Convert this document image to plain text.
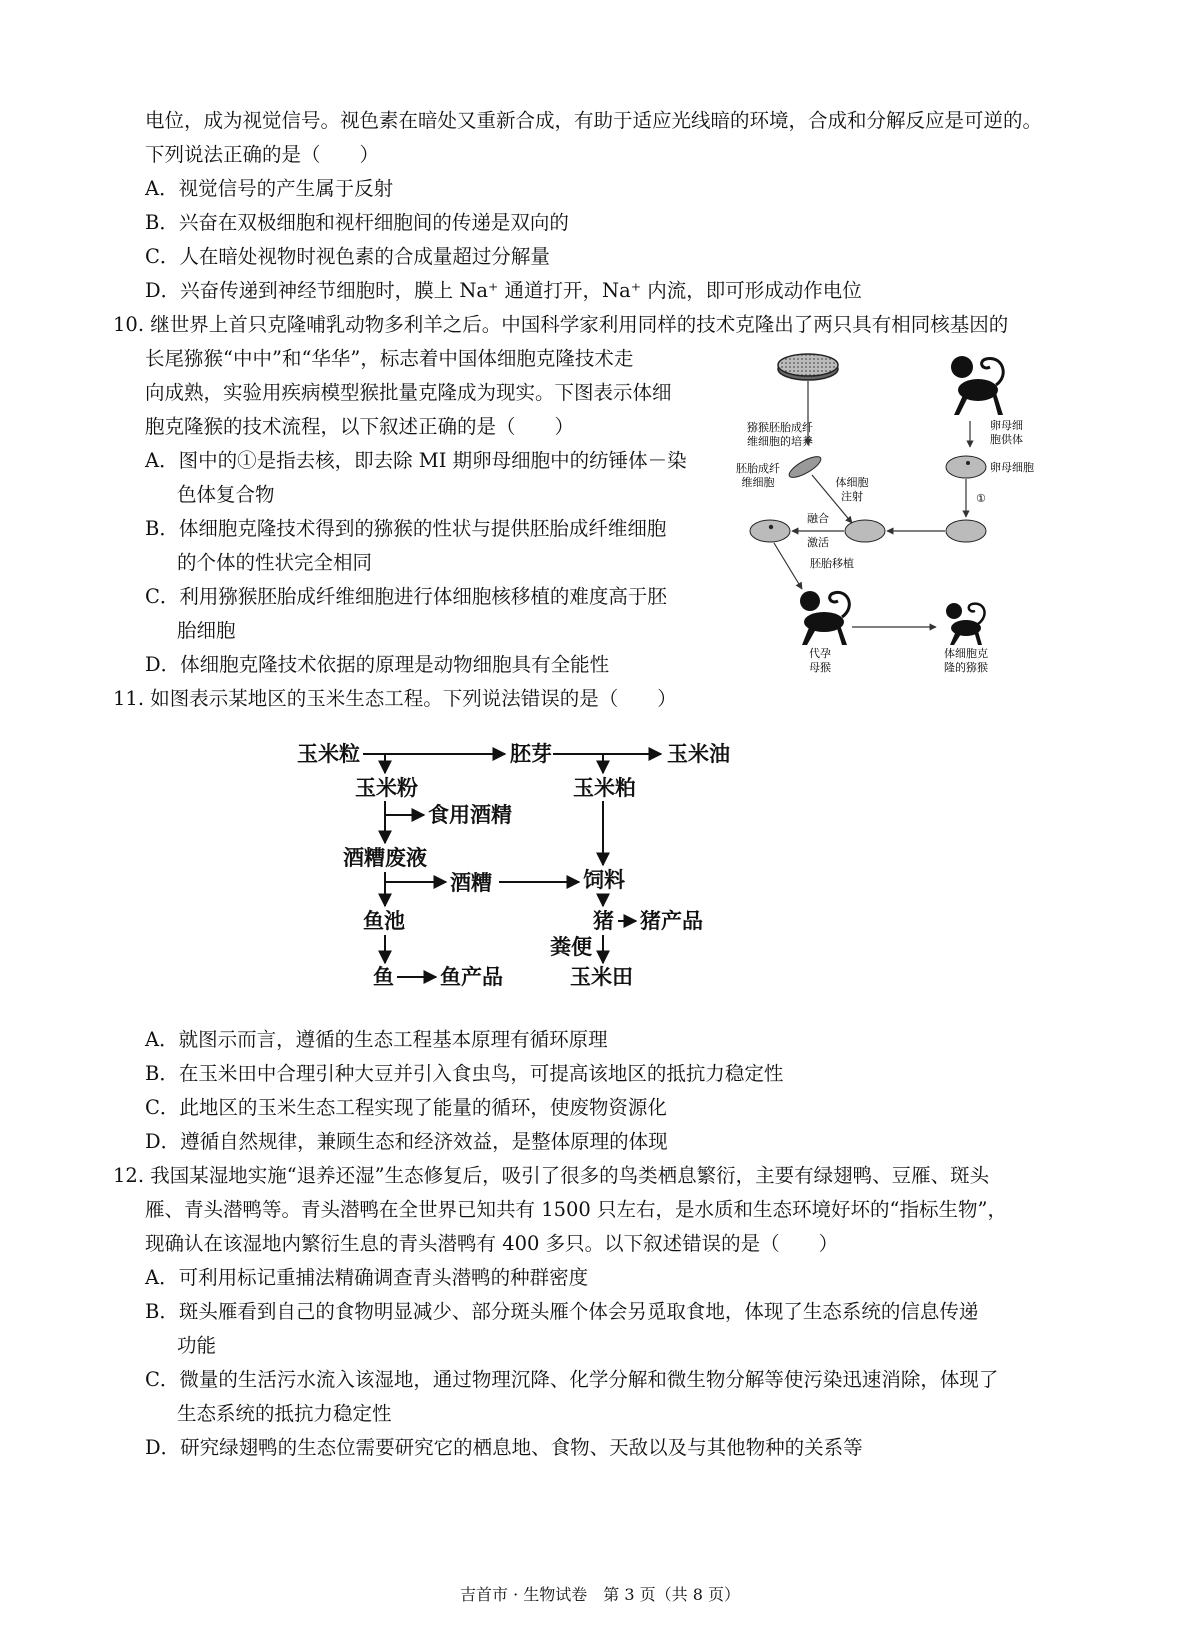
电位，成为视觉信号。视色素在暗处又重新合成，有助于适应光线暗的环境，合成和分解反应是可逆的。
下列说法正确的是（　　）
A．视觉信号的产生属于反射
B．兴奋在双极细胞和视杆细胞间的传递是双向的
C．人在暗处视物时视色素的合成量超过分解量
D．兴奋传递到神经节细胞时，膜上 Na⁺ 通道打开，Na⁺ 内流，即可形成动作电位
10. 继世界上首只克隆哺乳动物多利羊之后。中国科学家利用同样的技术克隆出了两只具有相同核基因的
长尾猕猴“中中”和“华华”，标志着中国体细胞克隆技术走
向成熟，实验用疾病模型猴批量克隆成为现实。下图表示体细
胞克隆猴的技术流程，以下叙述正确的是（　　）
A．图中的①是指去核，即去除 MI 期卵母细胞中的纺锤体－染
色体复合物
B．体细胞克隆技术得到的猕猴的性状与提供胚胎成纤维细胞
的个体的性状完全相同
C．利用猕猴胚胎成纤维细胞进行体细胞核移植的难度高于胚
胎细胞
D．体细胞克隆技术依据的原理是动物细胞具有全能性
猕猴胚胎成纤
维细胞的培养
胚胎成纤
维细胞	体细胞
注射
卵母细
胞供体
卵母细胞
①
融合
激活
胚胎移植
代孕
母猴
体细胞克
隆的猕猴
11. 如图表示某地区的玉米生态工程。下列说法错误的是（　　）
玉米粒	胚芽	玉米油
玉米粉	玉米粕
食用酒精
酒糟废液
酒糟	饲料
鱼池	猪 猪产品
粪便
鱼 鱼产品	玉米田
A．就图示而言，遵循的生态工程基本原理有循环原理
B．在玉米田中合理引种大豆并引入食虫鸟，可提高该地区的抵抗力稳定性
C．此地区的玉米生态工程实现了能量的循环，使废物资源化
D．遵循自然规律，兼顾生态和经济效益，是整体原理的体现
12. 我国某湿地实施“退养还湿”生态修复后，吸引了很多的鸟类栖息繁衍，主要有绿翅鸭、豆雁、斑头
雁、青头潜鸭等。青头潜鸭在全世界已知共有 1500 只左右，是水质和生态环境好坏的“指标生物”，
现确认在该湿地内繁衍生息的青头潜鸭有 400 多只。以下叙述错误的是（　　）
A．可利用标记重捕法精确调查青头潜鸭的种群密度
B．斑头雁看到自己的食物明显减少、部分斑头雁个体会另觅取食地，体现了生态系统的信息传递
功能
C．微量的生活污水流入该湿地，通过物理沉降、化学分解和微生物分解等使污染迅速消除，体现了
生态系统的抵抗力稳定性
D．研究绿翅鸭的生态位需要研究它的栖息地、食物、天敌以及与其他物种的关系等
吉首市 · 生物试卷　第 3 页（共 8 页）
